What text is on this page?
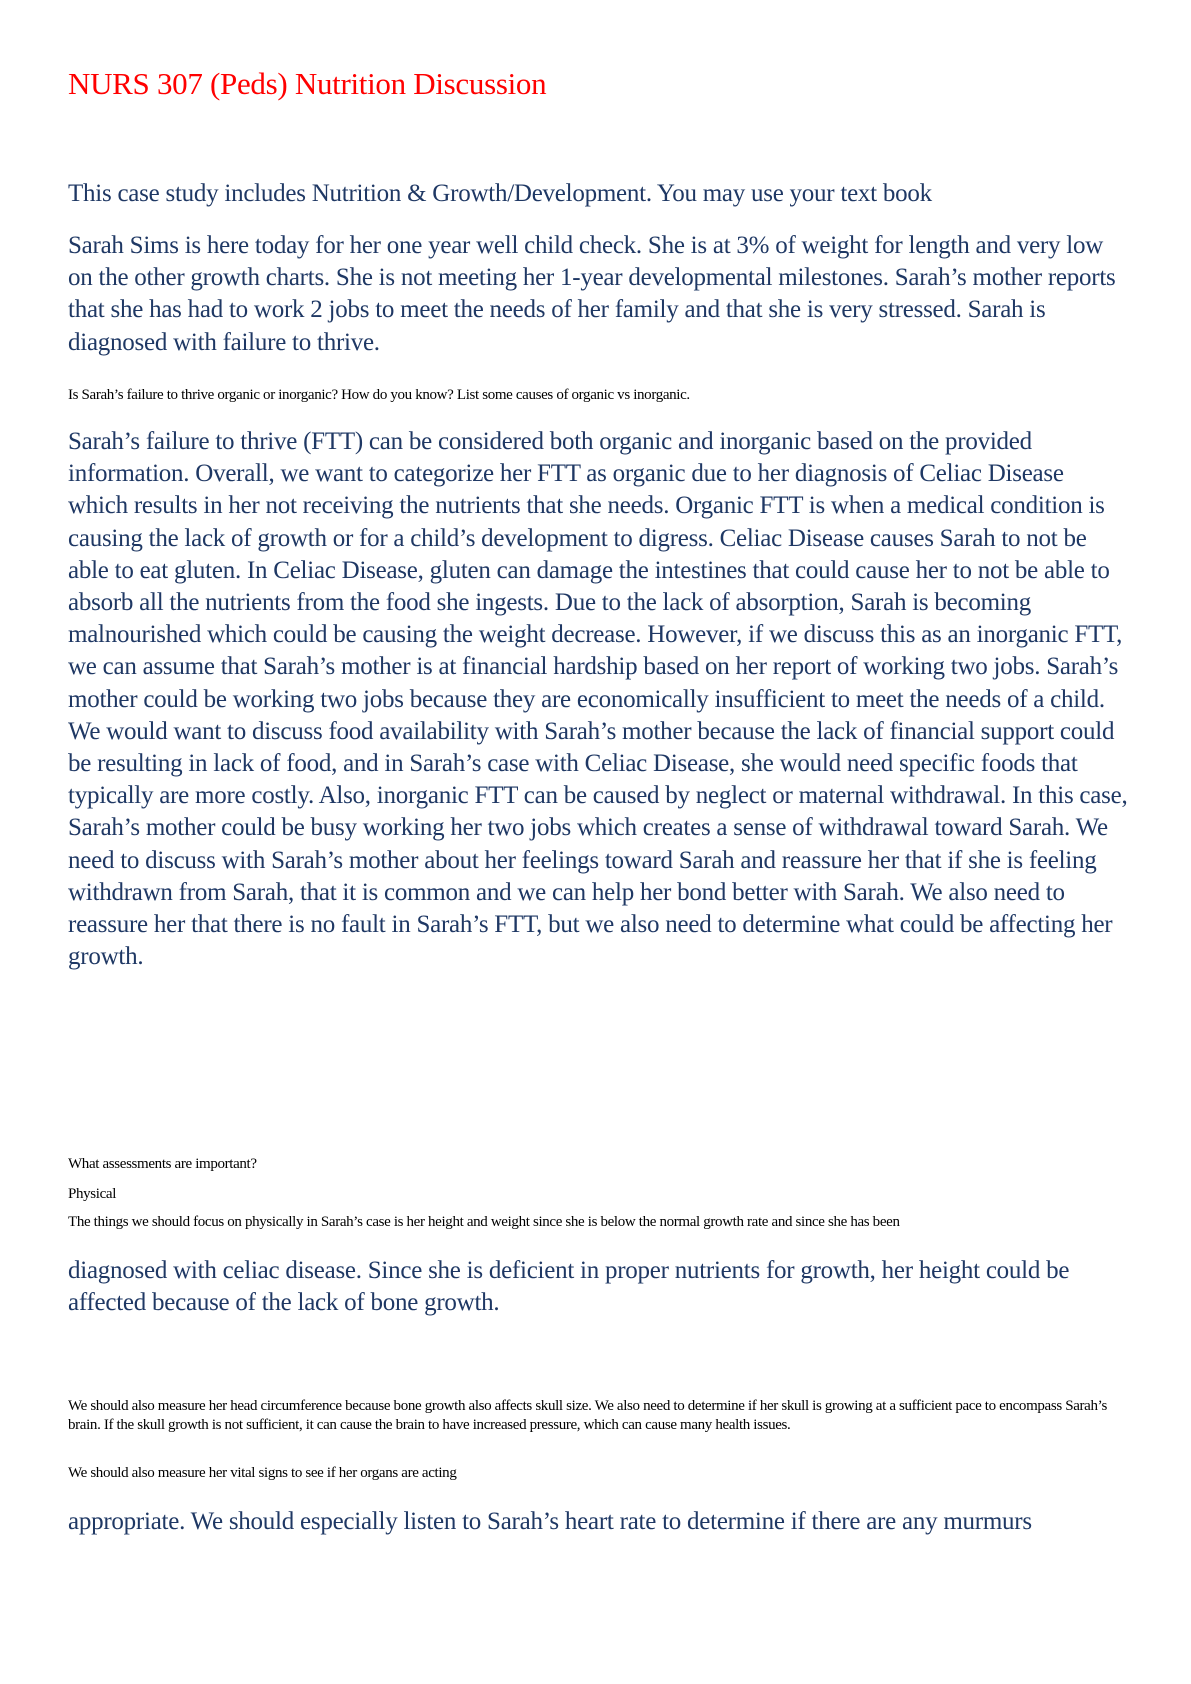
NURS 307 (Peds) Nutrition Discussion

This case study includes Nutrition & Growth/Development. You may use your text book

Sarah Sims is here today for her one year well child check. She is at 3% of weight for length and very low on the other growth charts. She is not meeting her 1-year developmental milestones. Sarah’s mother reports that she has had to work 2 jobs to meet the needs of her family and that she is very stressed. Sarah is diagnosed with failure to thrive.

Is Sarah’s failure to thrive organic or inorganic? How do you know? List some causes of organic vs inorganic.

Sarah’s failure to thrive (FTT) can be considered both organic and inorganic based on the provided information. Overall, we want to categorize her FTT as organic due to her diagnosis of Celiac Disease which results in her not receiving the nutrients that she needs. Organic FTT is when a medical condition is causing the lack of growth or for a child’s development to digress. Celiac Disease causes Sarah to not be able to eat gluten. In Celiac Disease, gluten can damage the intestines that could cause her to not be able to absorb all the nutrients from the food she ingests. Due to the lack of absorption, Sarah is becoming malnourished which could be causing the weight decrease. However, if we discuss this as an inorganic FTT, we can assume that Sarah’s mother is at financial hardship based on her report of working two jobs. Sarah’s mother could be working two jobs because they are economically insufficient to meet the needs of a child. We would want to discuss food availability with Sarah’s mother because the lack of financial support could be resulting in lack of food, and in Sarah’s case with Celiac Disease, she would need specific foods that typically are more costly. Also, inorganic FTT can be caused by neglect or maternal withdrawal. In this case, Sarah’s mother could be busy working her two jobs which creates a sense of withdrawal toward Sarah. We need to discuss with Sarah’s mother about her feelings toward Sarah and reassure her that if she is feeling withdrawn from Sarah, that it is common and we can help her bond better with Sarah. We also need to reassure her that there is no fault in Sarah’s FTT, but we also need to determine what could be affecting her growth.

What assessments are important?

Physical

The things we should focus on physically in Sarah’s case is her height and weight since she is below the normal growth rate and since she has been

diagnosed with celiac disease. Since she is deficient in proper nutrients for growth, her height could be affected because of the lack of bone growth.

We should also measure her head circumference because bone growth also affects skull size. We also need to determine if her skull is growing at a sufficient pace to encompass Sarah’s brain. If the skull growth is not sufficient, it can cause the brain to have increased pressure, which can cause many health issues.

We should also measure her vital signs to see if her organs are acting

appropriate. We should especially listen to Sarah’s heart rate to determine if there are any murmurs
